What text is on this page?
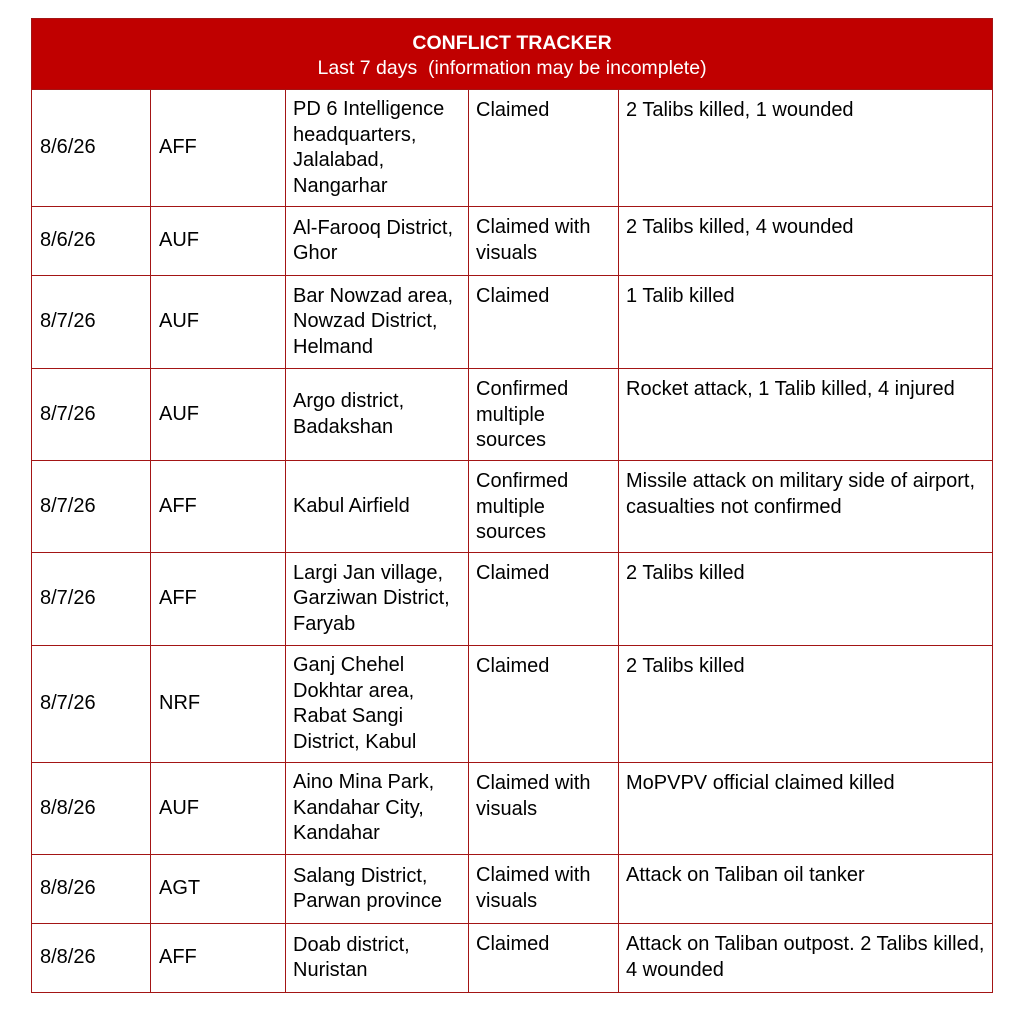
CONFLICT TRACKER
Last 7 days  (information may be incomplete)				

8/6/26	AFF	PD 6 Intelligence headquarters, Jalalabad, Nangarhar	Claimed	2 Talibs killed, 1 wounded
8/6/26	AUF	Al-Farooq District, Ghor	Claimed with visuals	2 Talibs killed, 4 wounded
8/7/26	AUF	Bar Nowzad area, Nowzad District, Helmand	Claimed	1 Talib killed
8/7/26	AUF	Argo district, Badakshan	Confirmed multiple sources	Rocket attack, 1 Talib killed, 4 injured
8/7/26	AFF	Kabul Airfield	Confirmed multiple sources	Missile attack on military side of airport, casualties not confirmed
8/7/26	AFF	Largi Jan village, Garziwan District, Faryab	Claimed	2 Talibs killed
8/7/26	NRF	Ganj Chehel Dokhtar area, Rabat Sangi District, Kabul	Claimed	2 Talibs killed
8/8/26	AUF	Aino Mina Park, Kandahar City, Kandahar	Claimed with visuals	MoPVPV official claimed killed
8/8/26	AGT	Salang District, Parwan province	Claimed with visuals	Attack on Taliban oil tanker
8/8/26	AFF	Doab district, Nuristan	Claimed	Attack on Taliban outpost. 2 Talibs killed, 4 wounded
